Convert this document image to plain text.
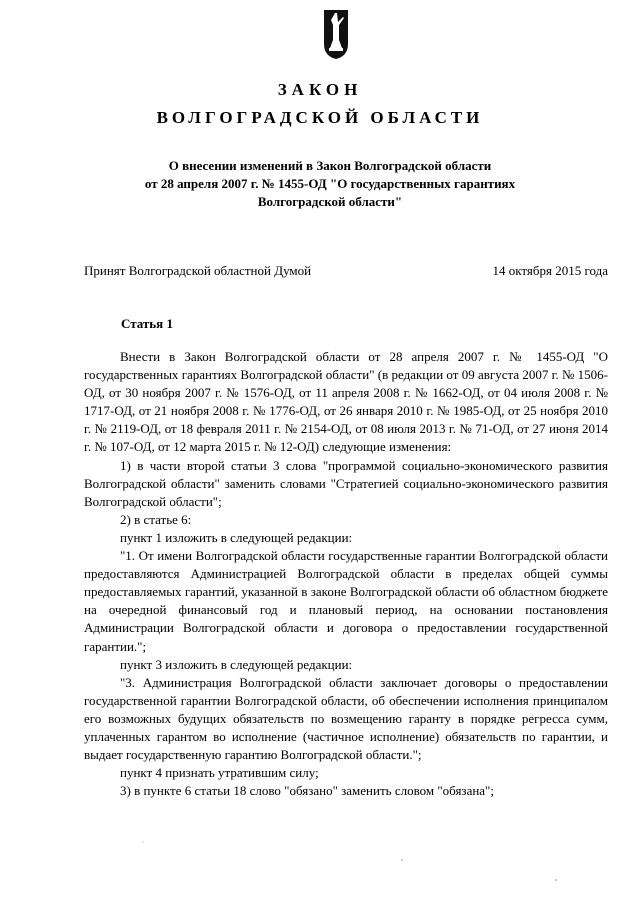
ЗАКОН
ВОЛГОГРАДСКОЙ ОБЛАСТИ
О внесении изменений в Закон Волгоградской области
от 28 апреля 2007 г. № 1455-ОД "О государственных гарантиях
Волгоградской области"
Принят Волгоградской областной Думой	14 октября 2015 года
Статья 1

Внести в Закон Волгоградской области от 28 апреля 2007 г. № 1455-ОД "О государственных гарантиях Волгоградской области" (в редакции от 09 августа 2007 г. № 1506-ОД, от 30 ноября 2007 г. № 1576-ОД, от 11 апреля 2008 г. № 1662-ОД, от 04 июля 2008 г. № 1717-ОД, от 21 ноября 2008 г. № 1776-ОД, от 26 января 2010 г. № 1985-ОД, от 25 ноября 2010 г. № 2119-ОД, от 18 февраля 2011 г. № 2154-ОД, от 08 июля 2013 г. № 71-ОД, от 27 июня 2014 г. № 107-ОД, от 12 марта 2015 г. № 12-ОД) следующие изменения:

1) в части второй статьи 3 слова "программой социально-экономического развития Волгоградской области" заменить словами "Стратегией социально-экономического развития Волгоградской области";

2) в статье 6:

пункт 1 изложить в следующей редакции:

"1. От имени Волгоградской области государственные гарантии Волгоградской области предоставляются Администрацией Волгоградской области в пределах общей суммы предоставляемых гарантий, указанной в законе Волгоградской области об областном бюджете на очередной финансовый год и плановый период, на основании постановления Администрации Волгоградской области и договора о предоставлении государственной гарантии.";

пункт 3 изложить в следующей редакции:

"3. Администрация Волгоградской области заключает договоры о предоставлении государственной гарантии Волгоградской области, об обеспечении исполнения принципалом его возможных будущих обязательств по возмещению гаранту в порядке регресса сумм, уплаченных гарантом во исполнение (частичное исполнение) обязательств по гарантии, и выдает государственную гарантию Волгоградской области.";

пункт 4 признать утратившим силу;

3) в пункте 6 статьи 18 слово "обязано" заменить словом "обязана";
